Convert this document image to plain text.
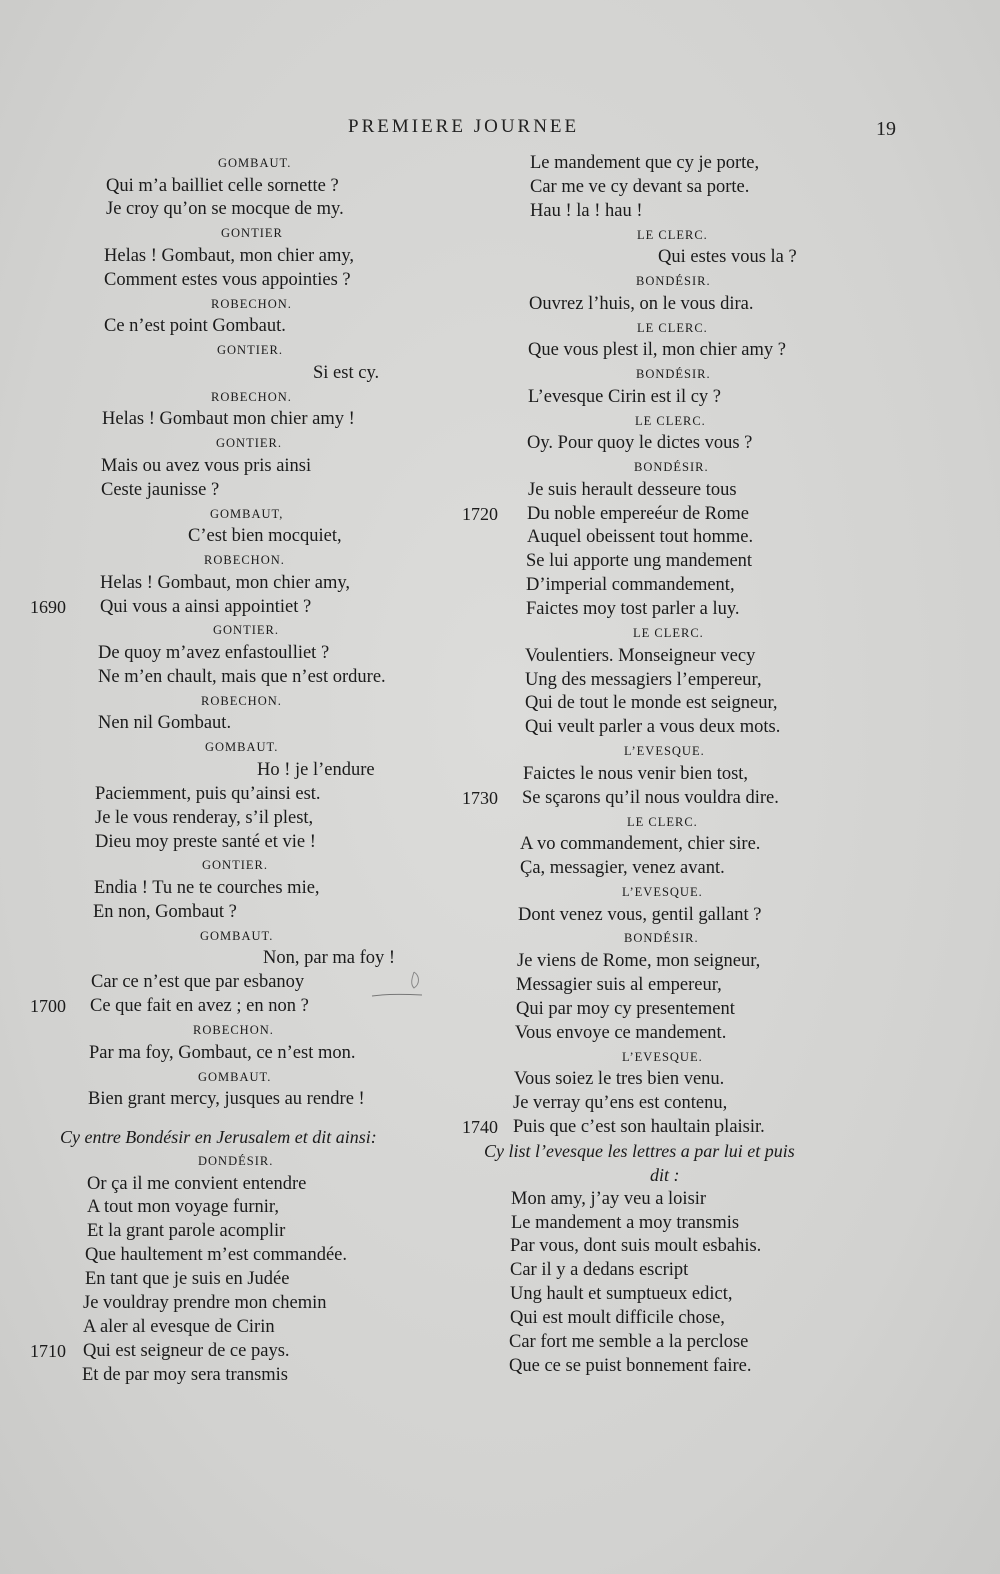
PREMIERE JOURNEE	19
GOMBAUT.
Qui m’a bailliet celle sornette ?
Je croy qu’on se mocque de my.
GONTIER
Helas ! Gombaut, mon chier amy,
Comment estes vous appointies ?
ROBECHON.
Ce n’est point Gombaut.
GONTIER.
Si est cy.
ROBECHON.
Helas ! Gombaut mon chier amy !
GONTIER.
Mais ou avez vous pris ainsi
Ceste jaunisse ?
GOMBAUT,
C’est bien mocquiet,
ROBECHON.
Helas ! Gombaut, mon chier amy,
1690 Qui vous a ainsi appointiet ?
GONTIER.
De quoy m’avez enfastoulliet ?
Ne m’en chault, mais que n’est ordure.
ROBECHON.
Nen nil Gombaut.
GOMBAUT.
Ho ! je l’endure
Paciemment, puis qu’ainsi est.
Je le vous renderay, s’il plest,
Dieu moy preste santé et vie !
GONTIER.
Endia ! Tu ne te courches mie,
En non, Gombaut ?
GOMBAUT.
Non, par ma foy !
Car ce n’est que par esbanoy
1700 Ce que fait en avez ; en non ?
ROBECHON.
Par ma foy, Gombaut, ce n’est mon.
GOMBAUT.
Bien grant mercy, jusques au rendre !
Cy entre Bondésir en Jerusalem et dit ainsi:
DONDÉSIR.
Or ça il me convient entendre
A tout mon voyage furnir,
Et la grant parole acomplir
Que haultement m’est commandée.
En tant que je suis en Judée
Je vouldray prendre mon chemin
A aler al evesque de Cirin
1710 Qui est seigneur de ce pays.
Et de par moy sera transmis
Le mandement que cy je porte,
Car me ve cy devant sa porte.
Hau ! la ! hau !
LE CLERC.
Qui estes vous la ?
BONDÉSIR.
Ouvrez l’huis, on le vous dira.
LE CLERC.
Que vous plest il, mon chier amy ?
BONDÉSIR.
L’evesque Cirin est il cy ?
LE CLERC.
Oy. Pour quoy le dictes vous ?
BONDÉSIR.
Je suis herault desseure tous
1720 Du noble empereéur de Rome
Auquel obeissent tout homme.
Se lui apporte ung mandement
D’imperial commandement,
Faictes moy tost parler a luy.
LE CLERC.
Voulentiers. Monseigneur vecy
Ung des messagiers l’empereur,
Qui de tout le monde est seigneur,
Qui veult parler a vous deux mots.
L’EVESQUE.
Faictes le nous venir bien tost,
1730 Se sçarons qu’il nous vouldra dire.
LE CLERC.
A vo commandement, chier sire.
Ça, messagier, venez avant.
L’EVESQUE.
Dont venez vous, gentil gallant ?
BONDÉSIR.
Je viens de Rome, mon seigneur,
Messagier suis al empereur,
Qui par moy cy presentement
Vous envoye ce mandement.
L’EVESQUE.
Vous soiez le tres bien venu.
Je verray qu’ens est contenu,
1740 Puis que c’est son haultain plaisir.
Cy list l’evesque les lettres a par lui et puis
dit :
Mon amy, j’ay veu a loisir
Le mandement a moy transmis
Par vous, dont suis moult esbahis.
Car il y a dedans escript
Ung hault et sumptueux edict,
Qui est moult difficile chose,
Car fort me semble a la perclose
Que ce se puist bonnement faire.
